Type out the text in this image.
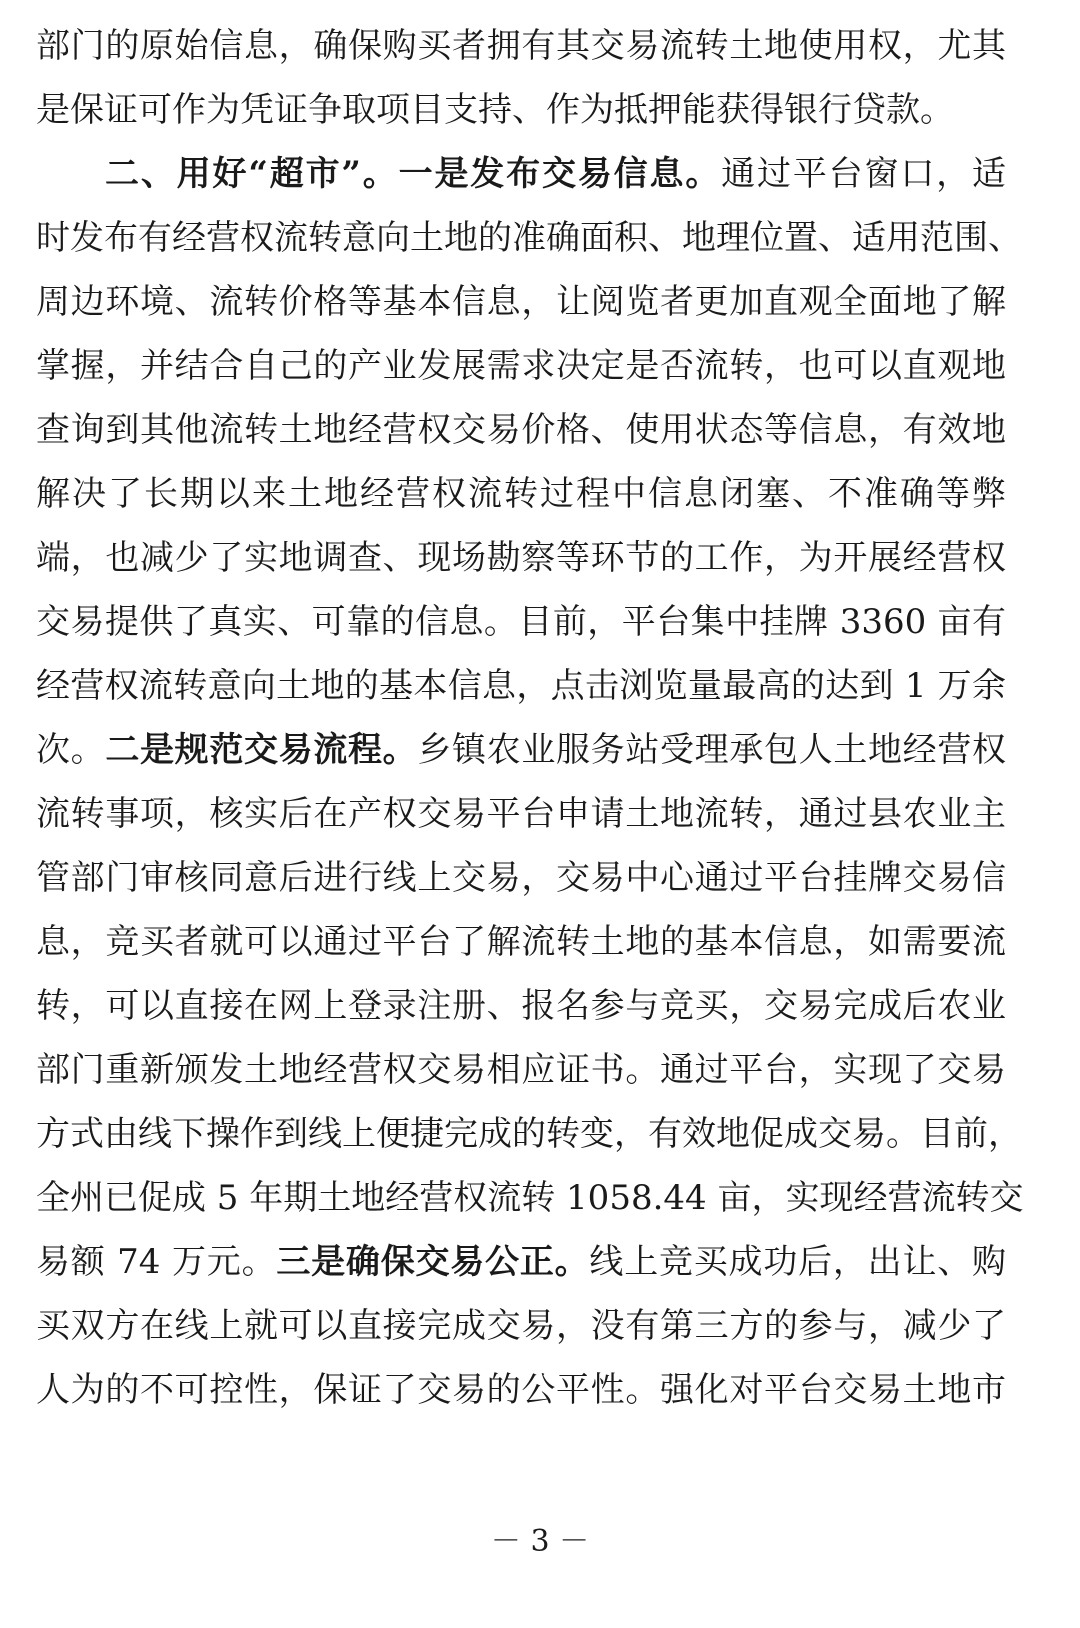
部门的原始信息，确保购买者拥有其交易流转土地使用权，尤其
是保证可作为凭证争取项目支持、作为抵押能获得银行贷款。
二、用好“超市”。一是发布交易信息。通过平台窗口，适
时发布有经营权流转意向土地的准确面积、地理位置、适用范围、
周边环境、流转价格等基本信息，让阅览者更加直观全面地了解
掌握，并结合自己的产业发展需求决定是否流转，也可以直观地
查询到其他流转土地经营权交易价格、使用状态等信息，有效地
解决了长期以来土地经营权流转过程中信息闭塞、不准确等弊
端，也减少了实地调查、现场勘察等环节的工作，为开展经营权
交易提供了真实、可靠的信息。目前，平台集中挂牌 3360 亩有
经营权流转意向土地的基本信息，点击浏览量最高的达到 1 万余
次。二是规范交易流程。乡镇农业服务站受理承包人土地经营权
流转事项，核实后在产权交易平台申请土地流转，通过县农业主
管部门审核同意后进行线上交易，交易中心通过平台挂牌交易信
息，竞买者就可以通过平台了解流转土地的基本信息，如需要流
转，可以直接在网上登录注册、报名参与竞买，交易完成后农业
部门重新颁发土地经营权交易相应证书。通过平台，实现了交易
方式由线下操作到线上便捷完成的转变，有效地促成交易。目前，
全州已促成 5 年期土地经营权流转 1058.44 亩，实现经营流转交
易额 74 万元。三是确保交易公正。线上竞买成功后，出让、购
买双方在线上就可以直接完成交易，没有第三方的参与，减少了
人为的不可控性，保证了交易的公平性。强化对平台交易土地市
－ 3 －
